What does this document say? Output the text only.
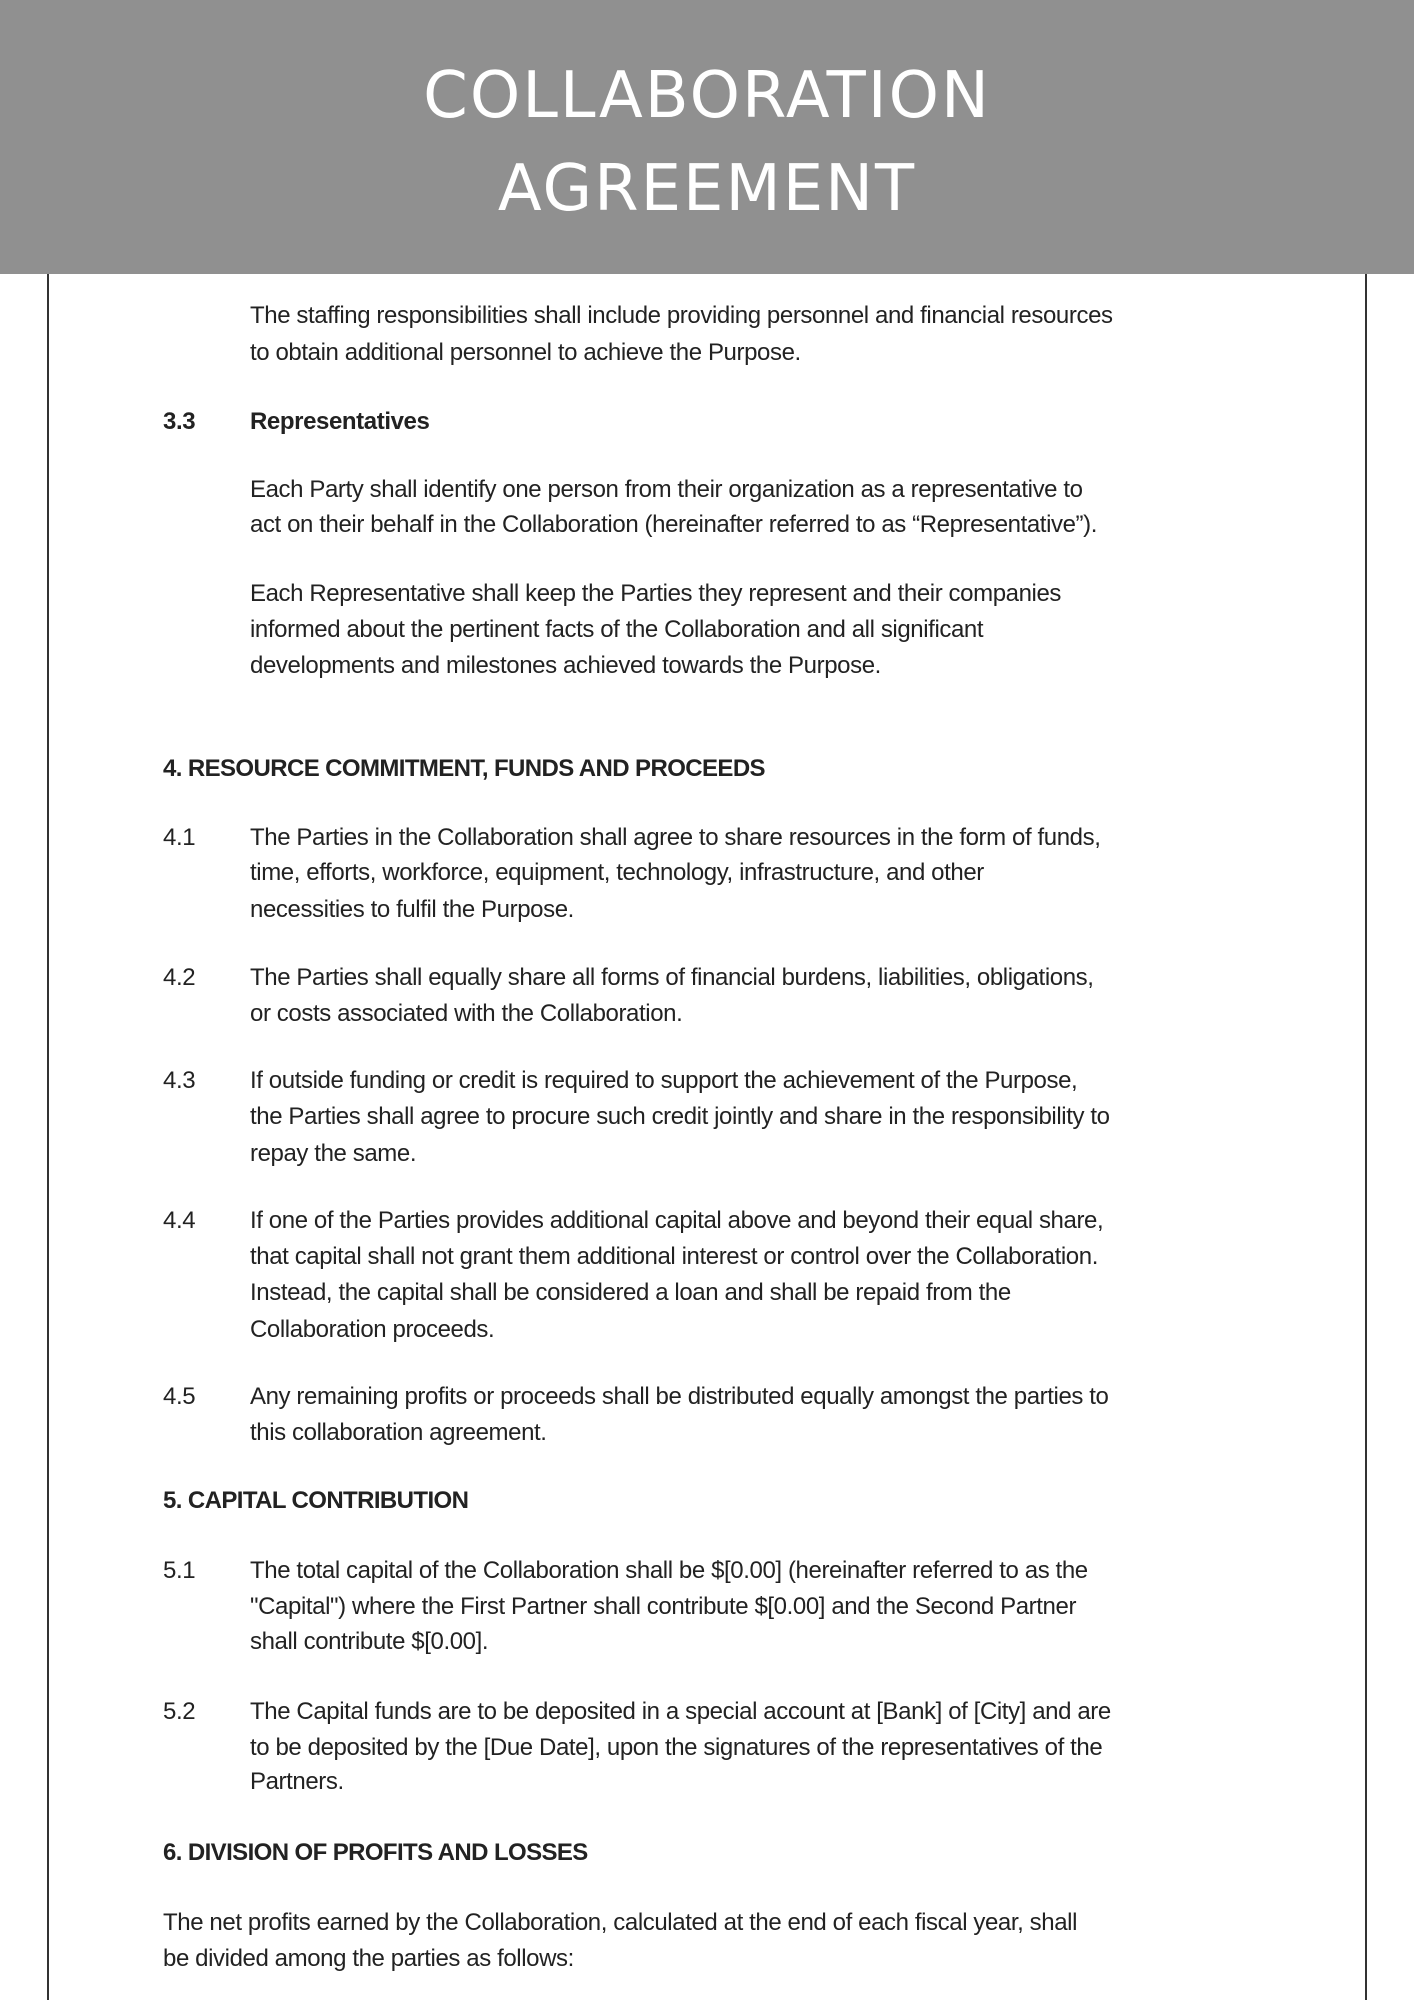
COLLABORATION
AGREEMENT
The staffing responsibilities shall include providing personnel and financial resources
to obtain additional personnel to achieve the Purpose.
3.3 Representatives
Each Party shall identify one person from their organization as a representative to
act on their behalf in the Collaboration (hereinafter referred to as “Representative”).
Each Representative shall keep the Parties they represent and their companies
informed about the pertinent facts of the Collaboration and all significant
developments and milestones achieved towards the Purpose.
4. RESOURCE COMMITMENT, FUNDS AND PROCEEDS
4.1 The Parties in the Collaboration shall agree to share resources in the form of funds,
time, efforts, workforce, equipment, technology, infrastructure, and other
necessities to fulfil the Purpose.
4.2 The Parties shall equally share all forms of financial burdens, liabilities, obligations,
or costs associated with the Collaboration.
4.3 If outside funding or credit is required to support the achievement of the Purpose,
the Parties shall agree to procure such credit jointly and share in the responsibility to
repay the same.
4.4 If one of the Parties provides additional capital above and beyond their equal share,
that capital shall not grant them additional interest or control over the Collaboration.
Instead, the capital shall be considered a loan and shall be repaid from the
Collaboration proceeds.
4.5 Any remaining profits or proceeds shall be distributed equally amongst the parties to
this collaboration agreement.
5. CAPITAL CONTRIBUTION
5.1 The total capital of the Collaboration shall be $[0.00] (hereinafter referred to as the
"Capital") where the First Partner shall contribute $[0.00] and the Second Partner
shall contribute $[0.00].
5.2 The Capital funds are to be deposited in a special account at [Bank] of [City] and are
to be deposited by the [Due Date], upon the signatures of the representatives of the
Partners.
6. DIVISION OF PROFITS AND LOSSES
The net profits earned by the Collaboration, calculated at the end of each fiscal year, shall
be divided among the parties as follows:
